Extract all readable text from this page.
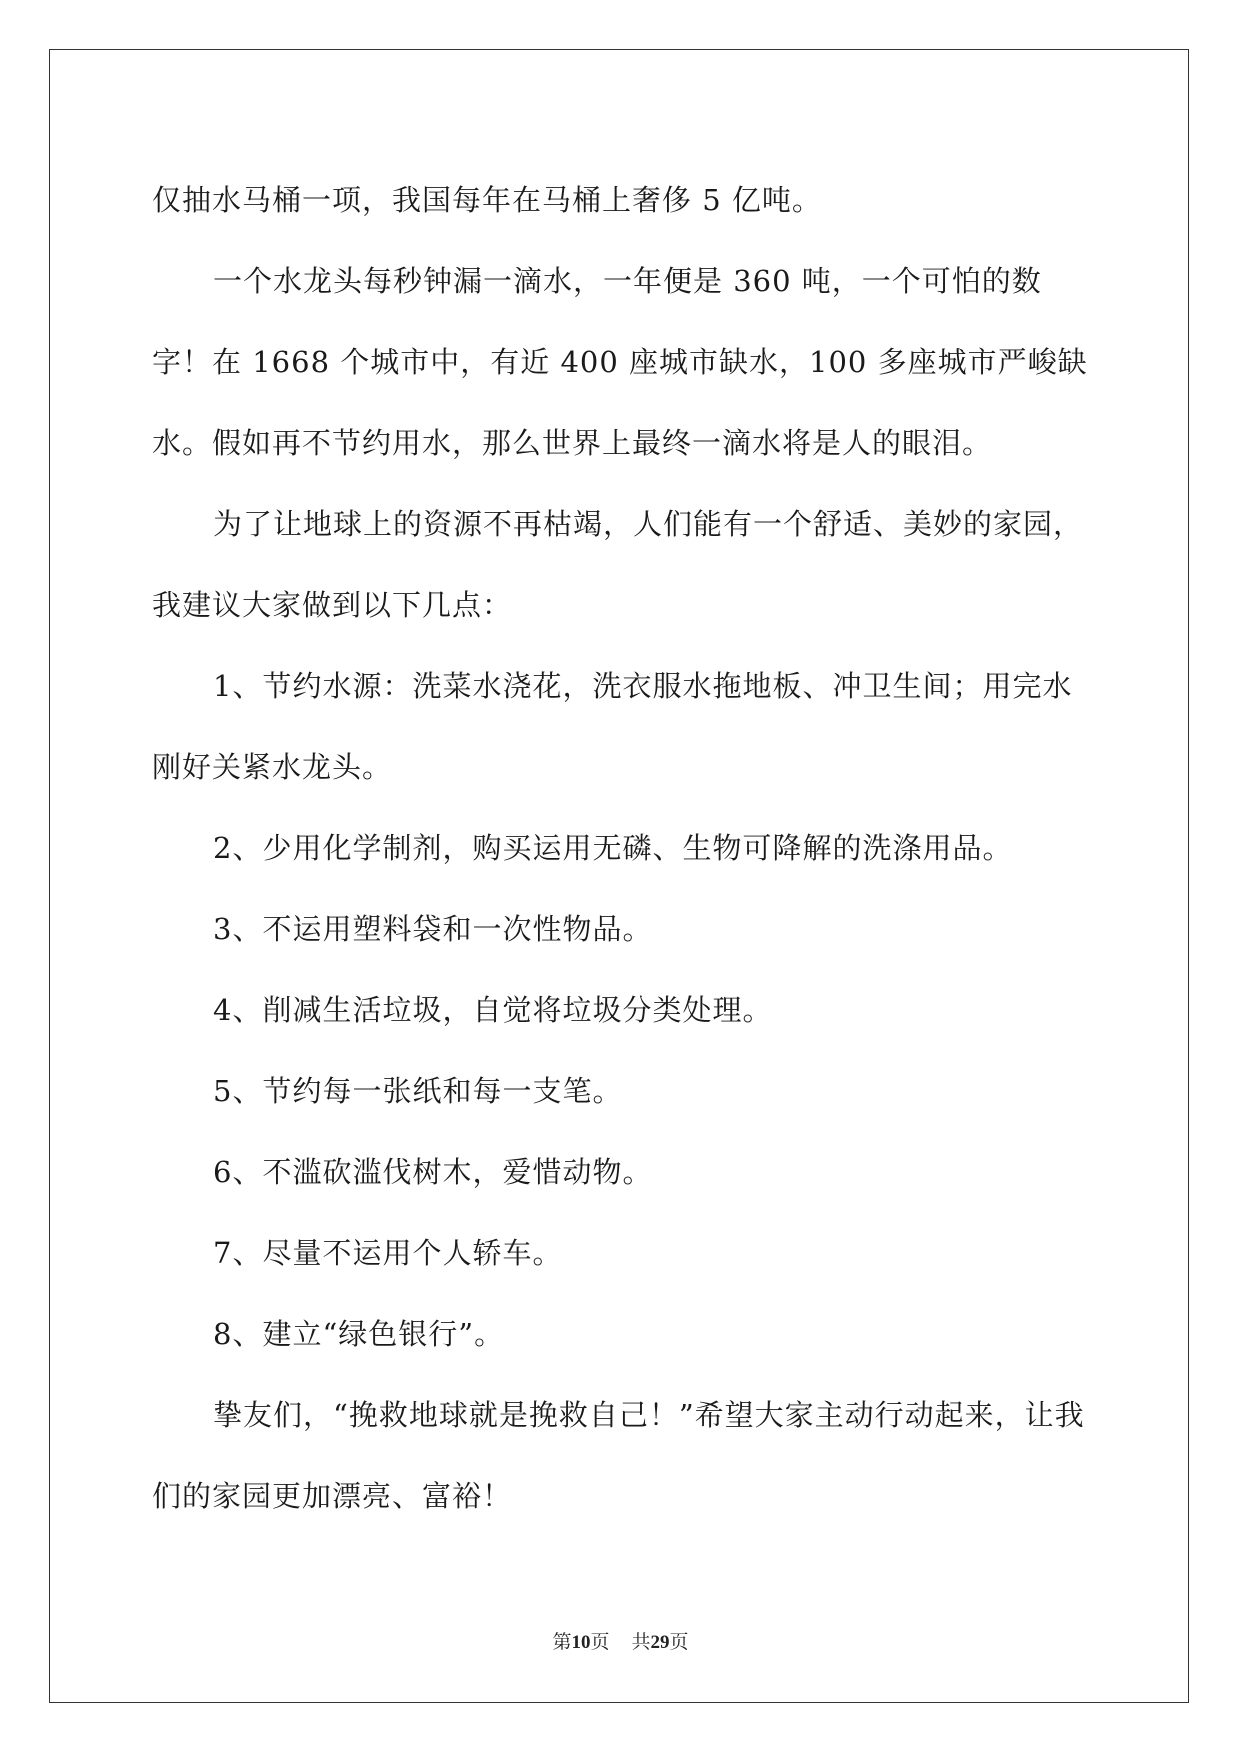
仅抽水马桶一项，我国每年在马桶上奢侈 5 亿吨。

一个水龙头每秒钟漏一滴水，一年便是 360 吨，一个可怕的数字！在 1668 个城市中，有近 400 座城市缺水，100 多座城市严峻缺水。假如再不节约用水，那么世界上最终一滴水将是人的眼泪。

为了让地球上的资源不再枯竭，人们能有一个舒适、美妙的家园，我建议大家做到以下几点：

1、节约水源：洗菜水浇花，洗衣服水拖地板、冲卫生间；用完水刚好关紧水龙头。

2、少用化学制剂，购买运用无磷、生物可降解的洗涤用品。

3、不运用塑料袋和一次性物品。

4、削减生活垃圾，自觉将垃圾分类处理。

5、节约每一张纸和每一支笔。

6、不滥砍滥伐树木，爱惜动物。

7、尽量不运用个人轿车。

8、建立“绿色银行”。

挚友们，“挽救地球就是挽救自己！”希望大家主动行动起来，让我们的家园更加漂亮、富裕！

第10页 共29页
